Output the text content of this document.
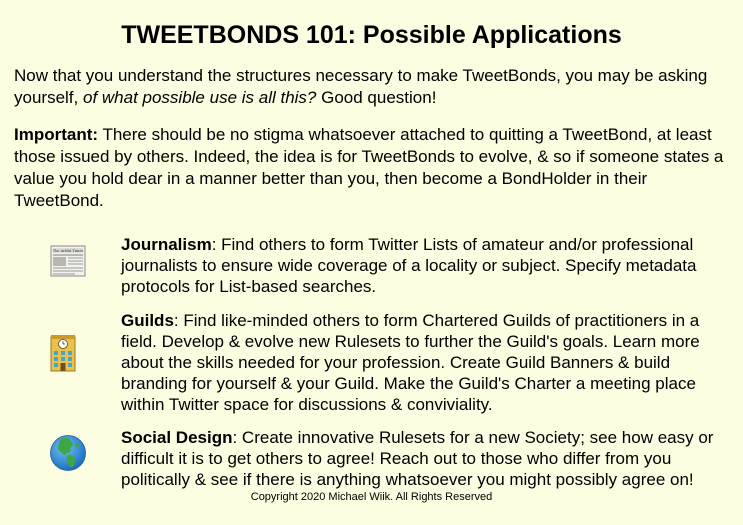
TWEETBONDS 101: Possible Applications

Now that you understand the structures necessary to make TweetBonds, you may be asking yourself, of what possible use is all this? Good question!

Important: There should be no stigma whatsoever attached to quitting a TweetBond, at least those issued by others. Indeed, the idea is for TweetBonds to evolve, & so if someone states a value you hold dear in a manner better than you, then become a BondHolder in their TweetBond.

The Artful Times Journalism: Find others to form Twitter Lists of amateur and/or professional journalists to ensure wide coverage of a locality or subject. Specify metadata protocols for List-based searches.

Guilds: Find like-minded others to form Chartered Guilds of practitioners in a field. Develop & evolve new Rulesets to further the Guild's goals. Learn more about the skills needed for your profession. Create Guild Banners & build branding for yourself & your Guild. Make the Guild's Charter a meeting place within Twitter space for discussions & conviviality.

Social Design: Create innovative Rulesets for a new Society; see how easy or difficult it is to get others to agree! Reach out to those who differ from you politically & see if there is anything whatsoever you might possibly agree on!

Copyright 2020 Michael Wiik. All Rights Reserved
